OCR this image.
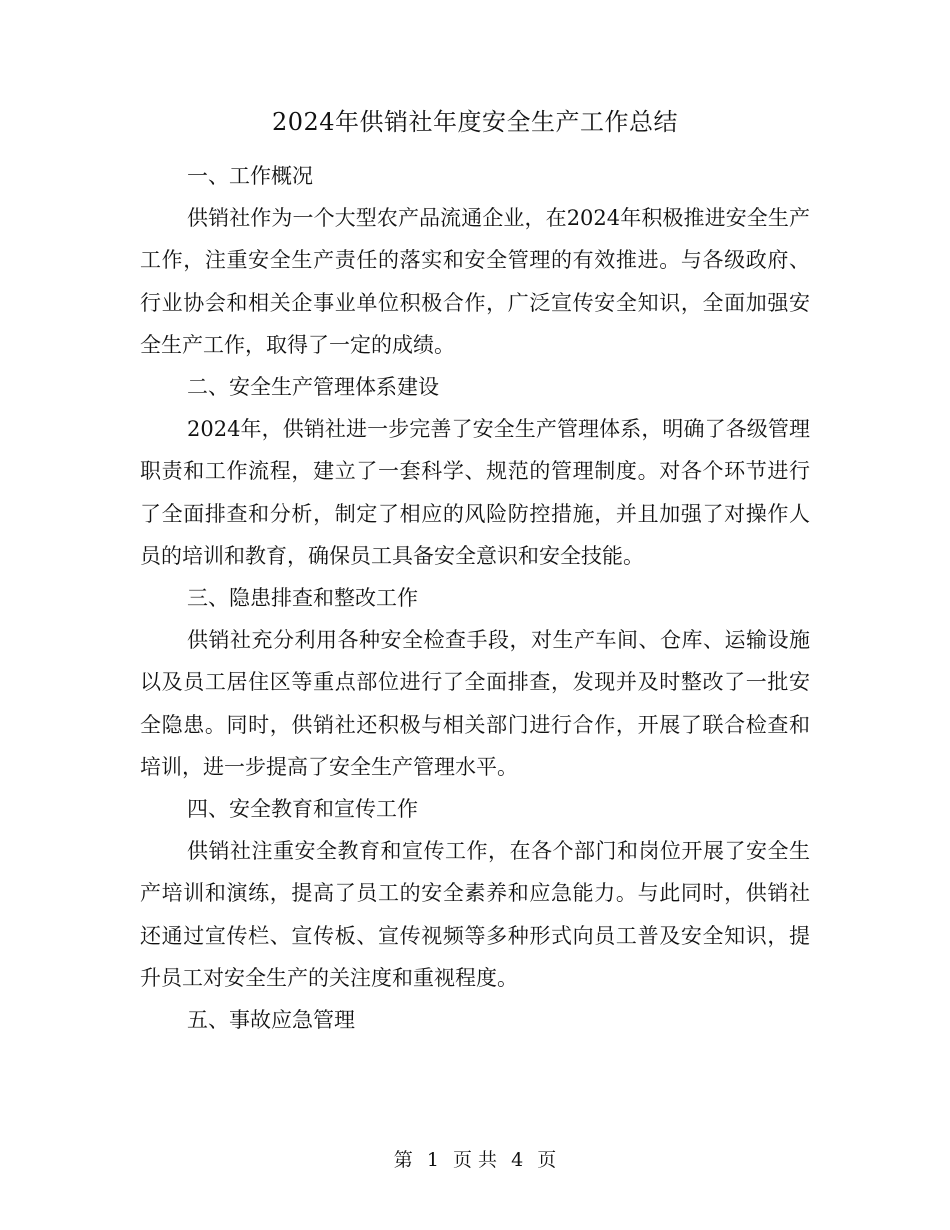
2024年供销社年度安全生产工作总结

一、工作概况

供销社作为一个大型农产品流通企业，在2024年积极推进安全生产工作，注重安全生产责任的落实和安全管理的有效推进。与各级政府、行业协会和相关企事业单位积极合作，广泛宣传安全知识，全面加强安全生产工作，取得了一定的成绩。

二、安全生产管理体系建设

2024年，供销社进一步完善了安全生产管理体系，明确了各级管理职责和工作流程，建立了一套科学、规范的管理制度。对各个环节进行了全面排查和分析，制定了相应的风险防控措施，并且加强了对操作人员的培训和教育，确保员工具备安全意识和安全技能。

三、隐患排查和整改工作

供销社充分利用各种安全检查手段，对生产车间、仓库、运输设施以及员工居住区等重点部位进行了全面排查，发现并及时整改了一批安全隐患。同时，供销社还积极与相关部门进行合作，开展了联合检查和培训，进一步提高了安全生产管理水平。

四、安全教育和宣传工作

供销社注重安全教育和宣传工作，在各个部门和岗位开展了安全生产培训和演练，提高了员工的安全素养和应急能力。与此同时，供销社还通过宣传栏、宣传板、宣传视频等多种形式向员工普及安全知识，提升员工对安全生产的关注度和重视程度。

五、事故应急管理

第 1 页 共 4 页
